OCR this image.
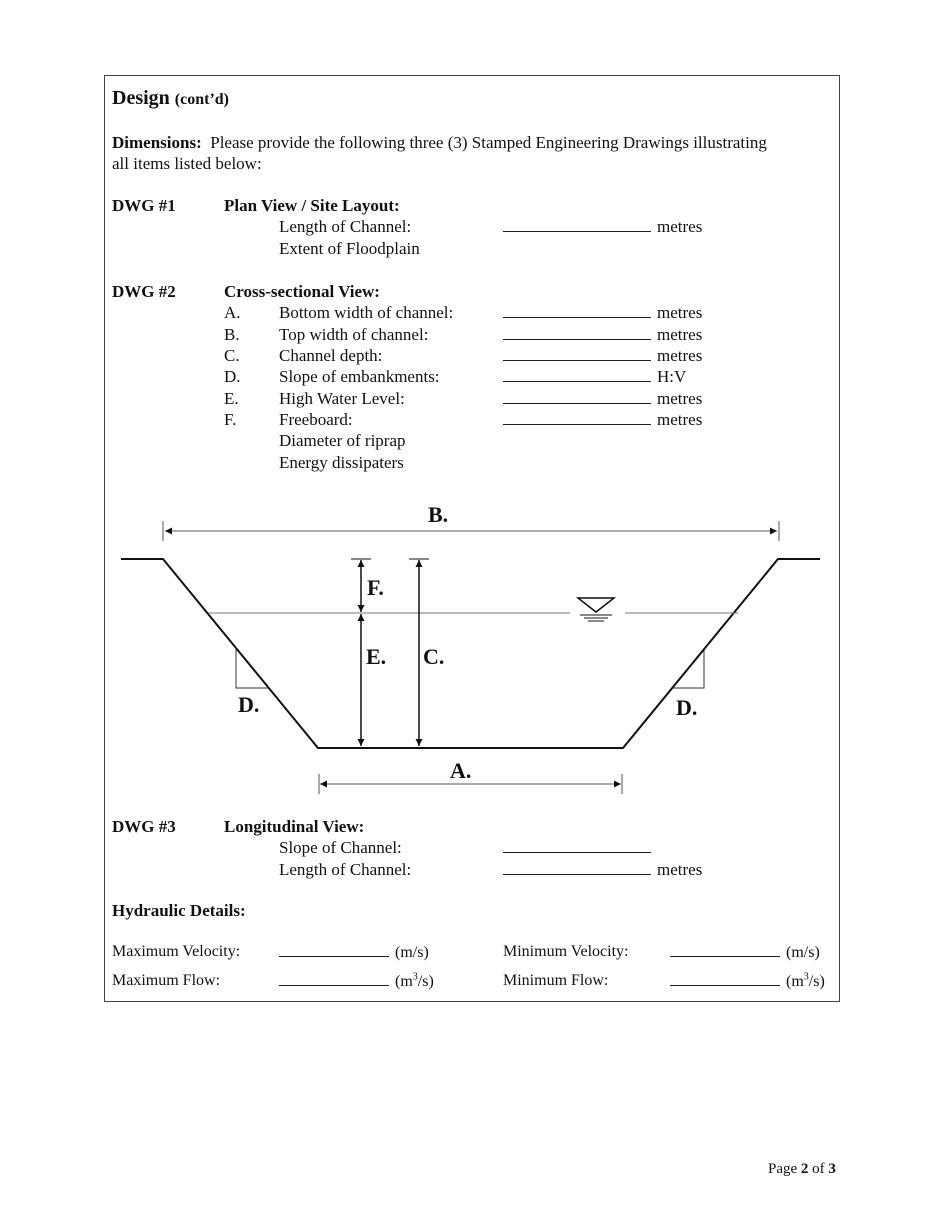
Design (cont’d)
Dimensions: Please provide the following three (3) Stamped Engineering Drawings illustrating
all items listed below:
DWG #1	Plan View / Site Layout:
Length of Channel:	metres
Extent of Floodplain
DWG #2	Cross-sectional View:
A. Bottom width of channel:	metres
B. Top width of channel:	metres
C. Channel depth:	metres
D. Slope of embankments:	H:V
E. High Water Level:	metres
F.	Freeboard:	metres
Diameter of riprap
Energy dissipaters
B.
F.
E. C.
D.	D.
A.
DWG #3	Longitudinal View:
Slope of Channel:
Length of Channel:	metres
Hydraulic Details:
Maximum Velocity:	(m/s)	Minimum Velocity:	(m/s)
Maximum Flow:	$(m^3/s)$	Minimum Flow:	$(m^3/s)$
Page 2 of 3
